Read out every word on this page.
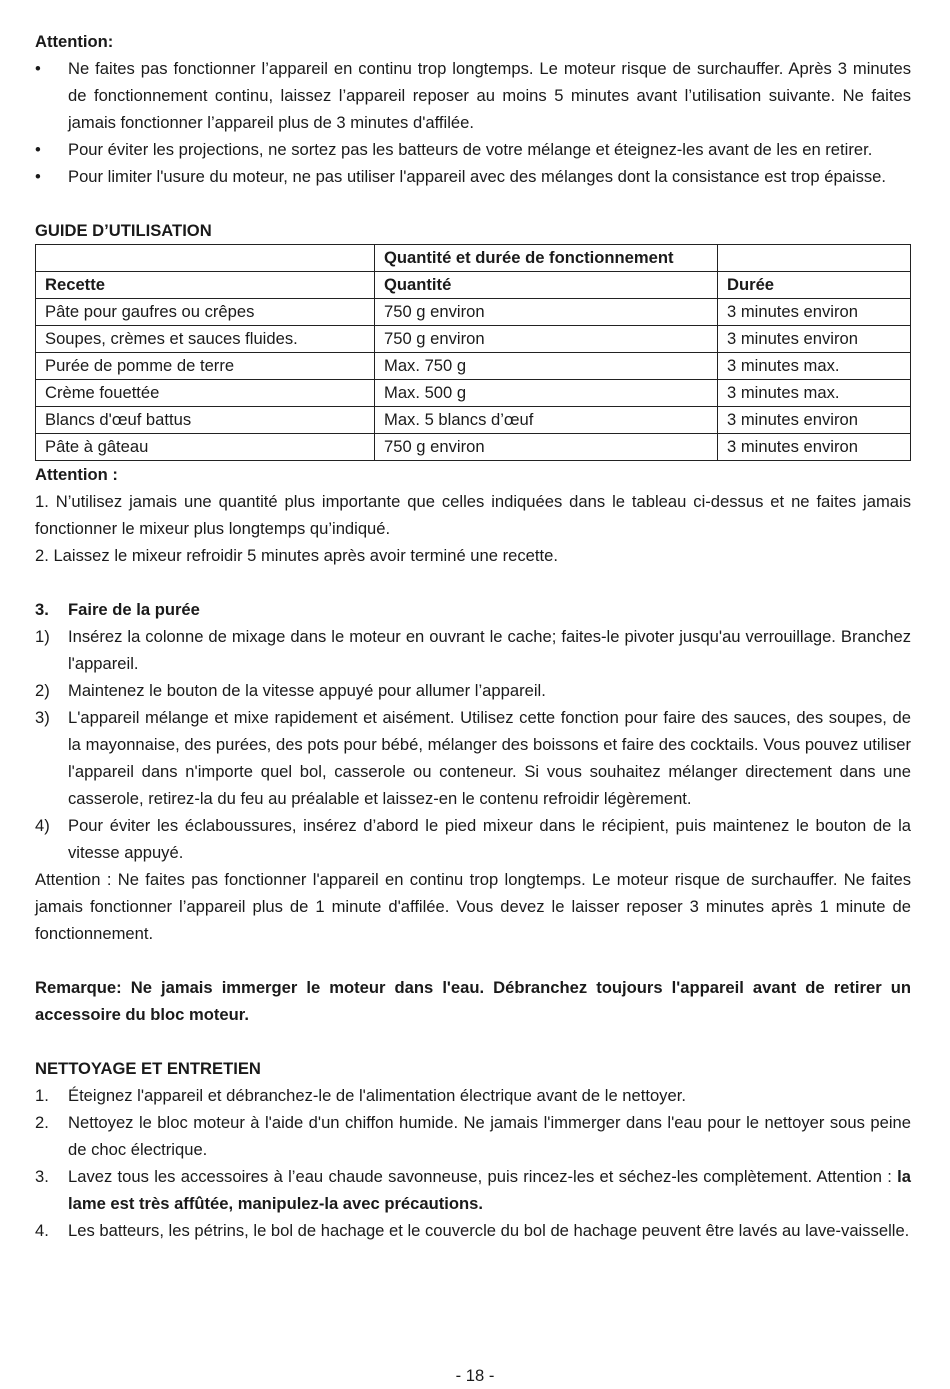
Attention:

• Ne faites pas fonctionner l’appareil en continu trop longtemps. Le moteur risque de surchauffer. Après 3 minutes de fonctionnement continu, laissez l’appareil reposer au moins 5 minutes avant l’utilisation suivante. Ne faites jamais fonctionner l’appareil plus de 3 minutes d'affilée.
• Pour éviter les projections, ne sortez pas les batteurs de votre mélange et éteignez-les avant de les en retirer.
• Pour limiter l'usure du moteur, ne pas utiliser l'appareil avec des mélanges dont la consistance est trop épaisse.

GUIDE D’UTILISATION

	Quantité et durée de fonctionnement	
Recette	Quantité	Durée
Pâte pour gaufres ou crêpes	750 g environ	3 minutes environ
Soupes, crèmes et sauces fluides.	750 g environ	3 minutes environ
Purée de pomme de terre	Max. 750 g	3 minutes max.
Crème fouettée	Max. 500 g	3 minutes max.
Blancs d'œuf battus	Max. 5 blancs d’œuf	3 minutes environ
Pâte à gâteau	750 g environ	3 minutes environ

Attention :

1. N’utilisez jamais une quantité plus importante que celles indiquées dans le tableau ci-dessus et ne faites jamais fonctionner le mixeur plus longtemps qu’indiqué.

2. Laissez le mixeur refroidir 5 minutes après avoir terminé une recette.

3. Faire de la purée
1) Insérez la colonne de mixage dans le moteur en ouvrant le cache; faites-le pivoter jusqu'au verrouillage. Branchez l'appareil.
2) Maintenez le bouton de la vitesse appuyé pour allumer l’appareil.
3) L'appareil mélange et mixe rapidement et aisément. Utilisez cette fonction pour faire des sauces, des soupes, de la mayonnaise, des purées, des pots pour bébé, mélanger des boissons et faire des cocktails. Vous pouvez utiliser l'appareil dans n'importe quel bol, casserole ou conteneur. Si vous souhaitez mélanger directement dans une casserole, retirez-la du feu au préalable et laissez-en le contenu refroidir légèrement.
4) Pour éviter les éclaboussures, insérez d’abord le pied mixeur dans le récipient, puis maintenez le bouton de la vitesse appuyé.

Attention : Ne faites pas fonctionner l'appareil en continu trop longtemps. Le moteur risque de surchauffer. Ne faites jamais fonctionner l’appareil plus de 1 minute d'affilée. Vous devez le laisser reposer 3 minutes après 1 minute de fonctionnement.

Remarque: Ne jamais immerger le moteur dans l'eau. Débranchez toujours l'appareil avant de retirer un accessoire du bloc moteur.

NETTOYAGE ET ENTRETIEN

1. Éteignez l'appareil et débranchez-le de l'alimentation électrique avant de le nettoyer.
2. Nettoyez le bloc moteur à l'aide d'un chiffon humide. Ne jamais l'immerger dans l'eau pour le nettoyer sous peine de choc électrique.
3. Lavez tous les accessoires à l’eau chaude savonneuse, puis rincez-les et séchez-les complètement. Attention : la lame est très affûtée, manipulez-la avec précautions.
4. Les batteurs, les pétrins, le bol de hachage et le couvercle du bol de hachage peuvent être lavés au lave-vaisselle.
- 18 -
